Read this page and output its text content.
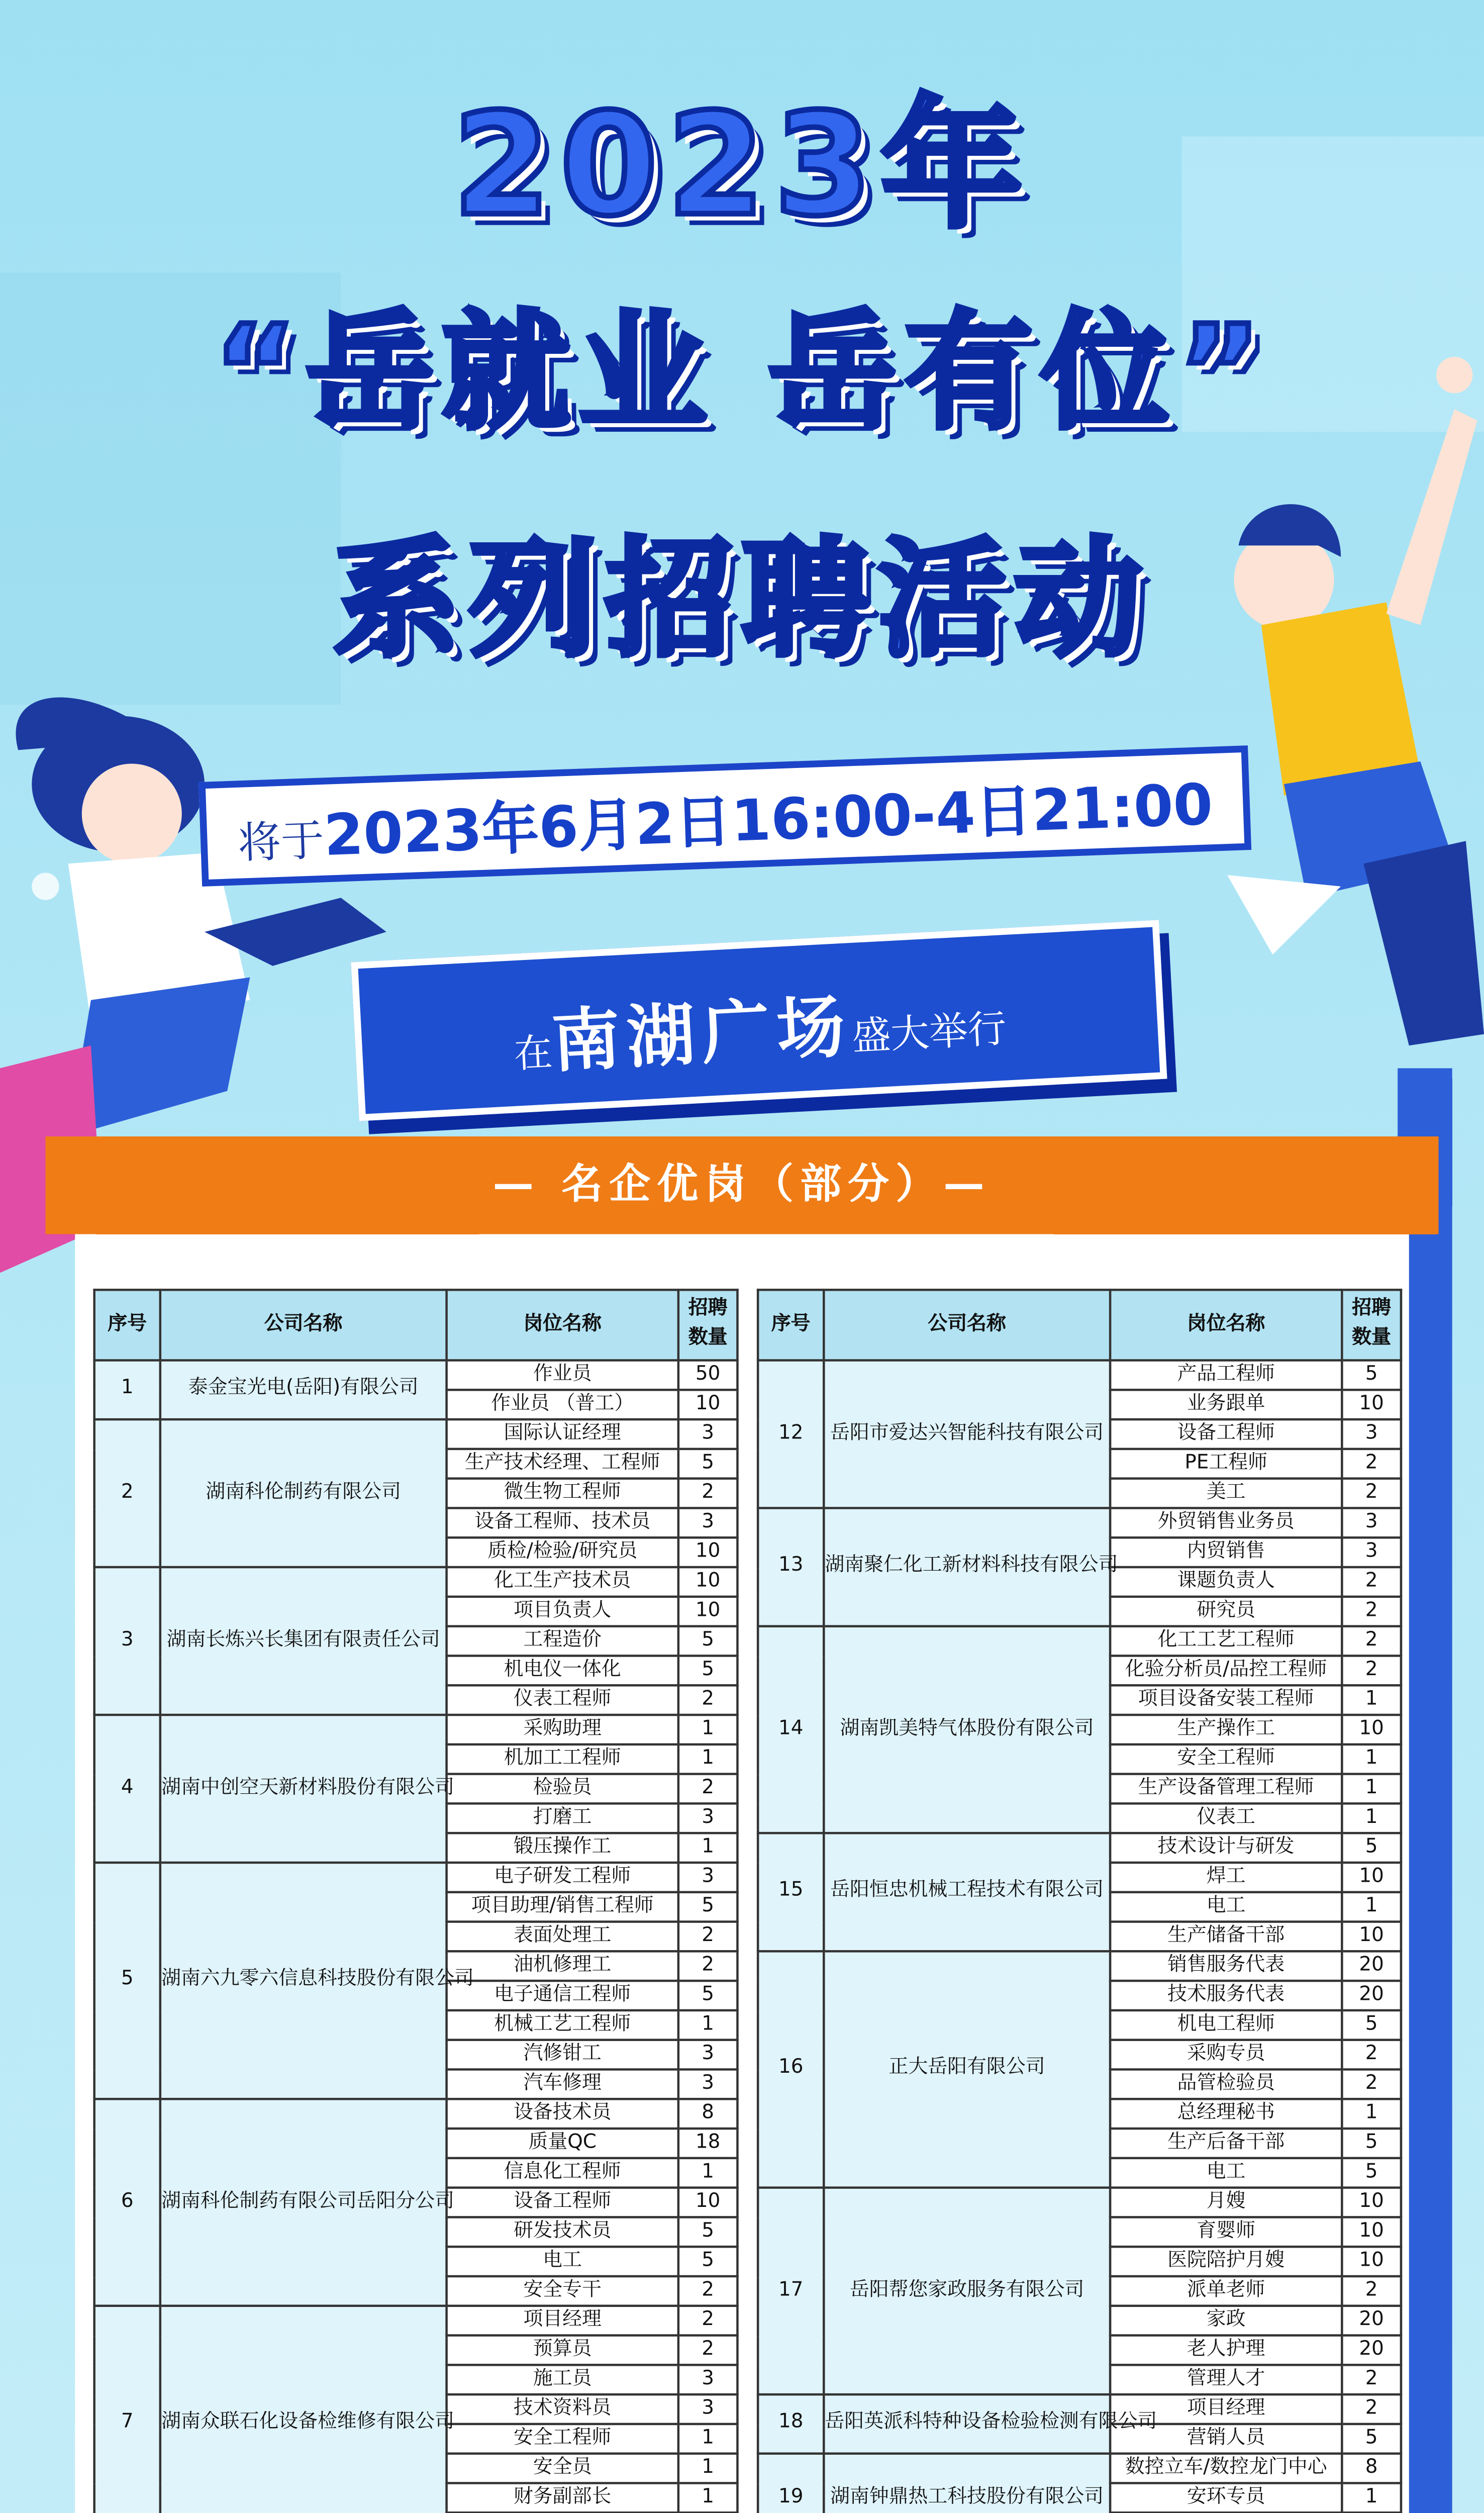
2023年
“岳就业 岳有位”
系列招聘活动
将于2023年6月2日16:00-4日21:00
在南湖广场盛大举行
— 名企优岗（部分）—
序号	公司名称	岗位名称	招聘数量
1	泰金宝光电(岳阳)有限公司	作业员	50
		作业员 （普工）	10
2	湖南科伦制药有限公司	国际认证经理	3
		生产技术经理、工程师	5
		微生物工程师	2
		设备工程师、技术员	3
		质检/检验/研究员	10
3	湖南长炼兴长集团有限责任公司	化工生产技术员	10
		项目负责人	10
		工程造价	5
		机电仪一体化	5
		仪表工程师	2
4	湖南中创空天新材料股份有限公司	采购助理	1
		机加工工程师	1
		检验员	2
		打磨工	3
		锻压操作工	1
5	湖南六九零六信息科技股份有限公司	电子研发工程师	3
		项目助理/销售工程师	5
		表面处理工	2
		油机修理工	2
		电子通信工程师	5
		机械工艺工程师	1
		汽修钳工	3
		汽车修理	3
6	湖南科伦制药有限公司岳阳分公司	设备技术员	8
		质量QC	18
		信息化工程师	1
		设备工程师	10
		研发技术员	5
		电工	5
		安全专干	2
7	湖南众联石化设备检维修有限公司	项目经理	2
		预算员	2
		施工员	3
		技术资料员	3
		安全工程师	1
		安全员	1
		财务副部长	1

序号	公司名称	岗位名称	招聘数量
12	岳阳市爱达兴智能科技有限公司	产品工程师	5
		业务跟单	10
		设备工程师	3
		PE工程师	2
		美工	2
13	湖南聚仁化工新材料科技有限公司	外贸销售业务员	3
		内贸销售	3
		课题负责人	2
		研究员	2
14	湖南凯美特气体股份有限公司	化工工艺工程师	2
		化验分析员/品控工程师	2
		项目设备安装工程师	1
		生产操作工	10
		安全工程师	1
		生产设备管理工程师	1
		仪表工	1
15	岳阳恒忠机械工程技术有限公司	技术设计与研发	5
		焊工	10
		电工	1
		生产储备干部	10
16	正大岳阳有限公司	销售服务代表	20
		技术服务代表	20
		机电工程师	5
		采购专员	2
		品管检验员	2
		总经理秘书	1
		生产后备干部	5
		电工	5
17	岳阳帮您家政服务有限公司	月嫂	10
		育婴师	10
		医院陪护月嫂	10
		派单老师	2
		家政	20
		老人护理	20
		管理人才	2
18	岳阳英派科特种设备检验检测有限公司	项目经理	2
		营销人员	5
19	湖南钟鼎热工科技股份有限公司	数控立车/数控龙门中心	8
		安环专员	1
